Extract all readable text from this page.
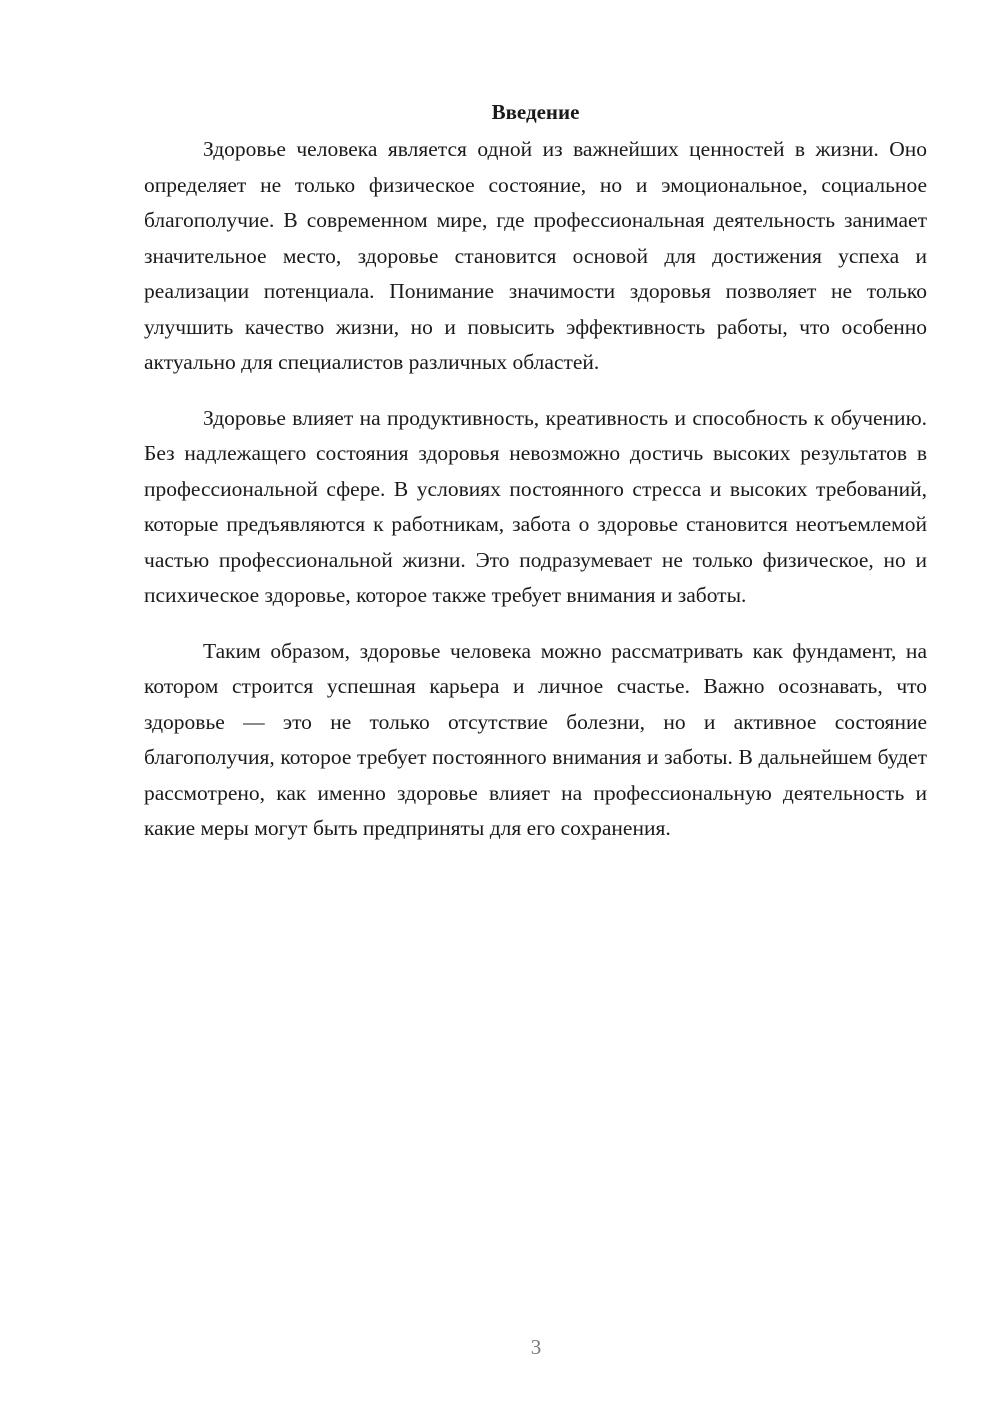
Введение

Здоровье человека является одной из важнейших ценностей в жизни. Оно определяет не только физическое состояние, но и эмоциональное, социальное благополучие. В современном мире, где профессиональная деятельность занимает значительное место, здоровье становится основой для достижения успеха и реализации потенциала. Понимание значимости здоровья позволяет не только улучшить качество жизни, но и повысить эффективность работы, что особенно актуально для специалистов различных областей.

Здоровье влияет на продуктивность, креативность и способность к обучению. Без надлежащего состояния здоровья невозможно достичь высоких результатов в профессиональной сфере. В условиях постоянного стресса и высоких требований, которые предъявляются к работникам, забота о здоровье становится неотъемлемой частью профессиональной жизни. Это подразумевает не только физическое, но и психическое здоровье, которое также требует внимания и заботы.

Таким образом, здоровье человека можно рассматривать как фундамент, на котором строится успешная карьера и личное счастье. Важно осознавать, что здоровье — это не только отсутствие болезни, но и активное состояние благополучия, которое требует постоянного внимания и заботы. В дальнейшем будет рассмотрено, как именно здоровье влияет на профессиональную деятельность и какие меры могут быть предприняты для его сохранения.

3
